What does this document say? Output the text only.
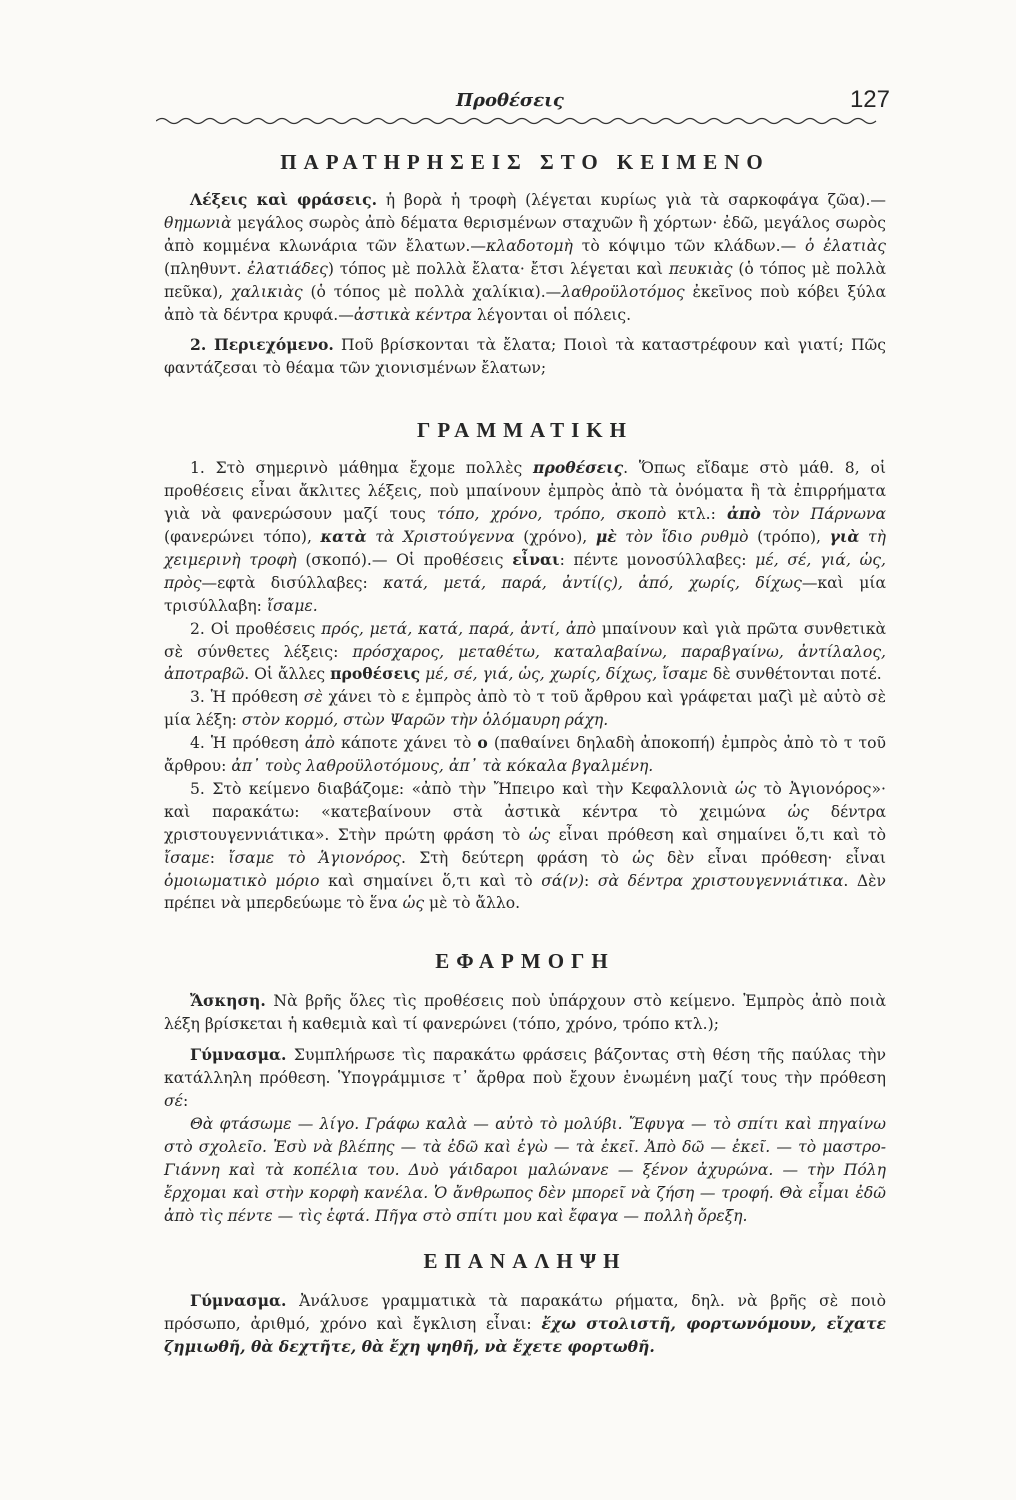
Προθέσεις	127
ΠΑΡΑΤΗΡΗΣΕΙΣ ΣΤΟ ΚΕΙΜΕΝΟ

Λέξεις καὶ φράσεις. ἡ βορὰ ἡ τροφὴ (λέγεται κυρίως γιὰ τὰ σαρκοφάγα ζῶα).—θημωνιὰ μεγάλος σωρὸς ἀπὸ δέματα θερισμένων σταχυῶν ἢ χόρτων· ἐδῶ, μεγάλος σωρὸς ἀπὸ κομμένα κλωνάρια τῶν ἔλατων.—κλαδοτομὴ τὸ κόψιμο τῶν κλάδων.— ὁ ἐλατιὰς (πληθυντ. ἐλατιάδες) τόπος μὲ πολλὰ ἔλατα· ἔτσι λέγεται καὶ πευκιὰς (ὁ τόπος μὲ πολλὰ πεῦκα), χαλικιὰς (ὁ τόπος μὲ πολλὰ χαλίκια).—λαθροϋλοτόμος ἐκεῖνος ποὺ κόβει ξύλα ἀπὸ τὰ δέντρα κρυφά.—ἀστικὰ κέντρα λέγονται οἱ πόλεις.

2. Περιεχόμενο. Ποῦ βρίσκονται τὰ ἔλατα; Ποιοὶ τὰ καταστρέφουν καὶ γιατί; Πῶς φαντάζεσαι τὸ θέαμα τῶν χιονισμένων ἔλατων;

ΓΡΑΜΜΑΤΙΚΗ

1. Στὸ σημερινὸ μάθημα ἔχομε πολλὲς προθέσεις. Ὅπως εἴδαμε στὸ μάθ. 8, οἱ προθέσεις εἶναι ἄκλιτες λέξεις, ποὺ μπαίνουν ἐμπρὸς ἀπὸ τὰ ὀνόματα ἢ τὰ ἐπιρρήματα γιὰ νὰ φανερώσουν μαζί τους τόπο, χρόνο, τρόπο, σκοπὸ κτλ.: ἀπὸ τὸν Πάρνωνα (φανερώνει τόπο), κατὰ τὰ Χριστούγεννα (χρόνο), μὲ τὸν ἴδιο ρυθμὸ (τρόπο), γιὰ τὴ χειμερινὴ τροφὴ (σκοπό).— Οἱ προθέσεις εἶναι: πέντε μονοσύλλαβες: μέ, σέ, γιά, ὡς, πρὸς—εφτὰ δισύλλαβες: κατά, μετά, παρά, ἀντί(ς), ἀπό, χωρίς, δίχως—καὶ μία τρισύλλαβη: ἴσαμε.

2. Οἱ προθέσεις πρός, μετά, κατά, παρά, ἀντί, ἀπὸ μπαίνουν καὶ γιὰ πρῶτα συνθετικὰ σὲ σύνθετες λέξεις: πρόσχαρος, μεταθέτω, καταλαβαίνω, παραβγαίνω, ἀντίλαλος, ἀποτραβῶ. Οἱ ἄλλες προθέσεις μέ, σέ, γιά, ὡς, χωρίς, δίχως, ἴσαμε δὲ συνθέτονται ποτέ.

3. Ἡ πρόθεση σὲ χάνει τὸ ε ἐμπρὸς ἀπὸ τὸ τ τοῦ ἄρθρου καὶ γράφεται μαζὶ μὲ αὐτὸ σὲ μία λέξη: στὸν κορμό, στὼν Ψαρῶν τὴν ὁλόμαυρη ράχη.

4. Ἡ πρόθεση ἀπὸ κάποτε χάνει τὸ ο (παθαίνει δηλαδὴ ἀποκοπή) ἐμπρὸς ἀπὸ τὸ τ τοῦ ἄρθρου: ἀπ᾽ τοὺς λαθροϋλοτόμους, ἀπ᾽ τὰ κόκαλα βγαλμένη.

5. Στὸ κείμενο διαβάζομε: «ἀπὸ τὴν Ἤπειρο καὶ τὴν Κεφαλλονιὰ ὡς τὸ Ἀγιονόρος»· καὶ παρακάτω: «κατεβαίνουν στὰ ἀστικὰ κέντρα τὸ χειμώνα ὡς δέντρα χριστουγεννιάτικα». Στὴν πρώτη φράση τὸ ὡς εἶναι πρόθεση καὶ σημαίνει ὅ,τι καὶ τὸ ἴσαμε: ἴσαμε τὸ Ἁγιονόρος. Στὴ δεύτερη φράση τὸ ὡς δὲν εἶναι πρόθεση· εἶναι ὁμοιωματικὸ μόριο καὶ σημαίνει ὅ,τι καὶ τὸ σά(ν): σὰ δέντρα χριστουγεννιάτικα. Δὲν πρέπει νὰ μπερδεύωμε τὸ ἕνα ὡς μὲ τὸ ἄλλο.

ΕΦΑΡΜΟΓΗ

Ἄσκηση. Νὰ βρῆς ὅλες τὶς προθέσεις ποὺ ὑπάρχουν στὸ κείμενο. Ἐμπρὸς ἀπὸ ποιὰ λέξη βρίσκεται ἡ καθεμιὰ καὶ τί φανερώνει (τόπο, χρόνο, τρόπο κτλ.);

Γύμνασμα. Συμπλήρωσε τὶς παρακάτω φράσεις βάζοντας στὴ θέση τῆς παύλας τὴν κατάλληλη πρόθεση. Ὑπογράμμισε τ᾽ ἄρθρα ποὺ ἔχουν ἑνωμένη μαζί τους τὴν πρόθεση σέ:

Θὰ φτάσωμε — λίγο. Γράφω καλὰ — αὐτὸ τὸ μολύβι. Ἔφυγα — τὸ σπίτι καὶ πηγαίνω στὸ σχολεῖο. Ἐσὺ νὰ βλέπης — τὰ ἐδῶ καὶ ἐγὼ — τὰ ἐκεῖ. Ἀπὸ δῶ — ἐκεῖ. — τὸ μαστρο-Γιάννη καὶ τὰ κοπέλια του. Δυὸ γάιδαροι μαλώνανε — ξένον ἀχυρώνα. — τὴν Πόλη ἔρχομαι καὶ στὴν κορφὴ κανέλα. Ὁ ἄνθρωπος δὲν μπορεῖ νὰ ζήση — τροφή. Θὰ εἶμαι ἐδῶ ἀπὸ τὶς πέντε — τὶς ἑφτά. Πῆγα στὸ σπίτι μου καὶ ἔφαγα — πολλὴ ὄρεξη.

ΕΠΑΝΑΛΗΨΗ

Γύμνασμα. Ἀνάλυσε γραμματικὰ τὰ παρακάτω ρήματα, δηλ. νὰ βρῆς σὲ ποιὸ πρόσωπο, ἀριθμό, χρόνο καὶ ἔγκλιση εἶναι: ἔχω στολιστῆ, φορτωνόμουν, εἴχατε ζημιωθῆ, θὰ δεχτῆτε, θὰ ἔχη ψηθῆ, νὰ ἔχετε φορτωθῆ.
